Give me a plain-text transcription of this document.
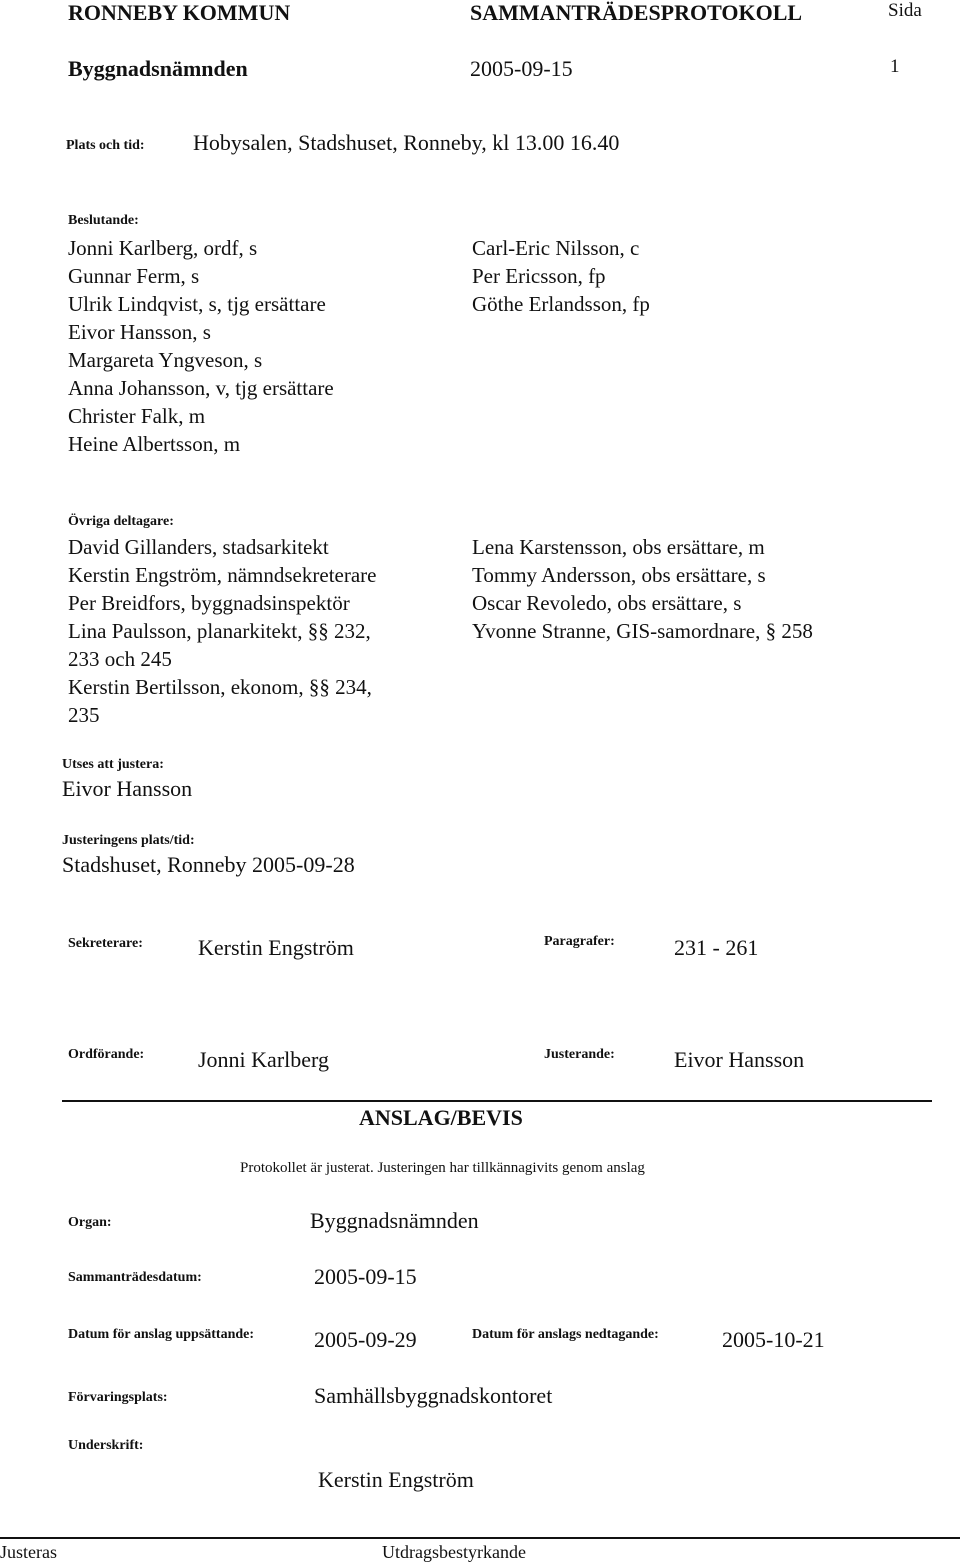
RONNEBY KOMMUN	SAMMANTRÄDESPROTOKOLL	Sida
Byggnadsnämnden	2005-09-15	1
Plats och tid: Hobysalen, Stadshuset, Ronneby, kl 13.00 16.40
Beslutande:
Jonni Karlberg, ordf, s
Gunnar Ferm, s
Ulrik Lindqvist, s, tjg ersättare
Eivor Hansson, s
Margareta Yngveson, s
Anna Johansson, v, tjg ersättare
Christer Falk, m
Heine Albertsson, m
Carl-Eric Nilsson, c
Per Ericsson, fp
Göthe Erlandsson, fp
Övriga deltagare:
David Gillanders, stadsarkitekt
Kerstin Engström, nämndsekreterare
Per Breidfors, byggnadsinspektör
Lina Paulsson, planarkitekt, §§ 232,
233 och 245
Kerstin Bertilsson, ekonom, §§ 234,
235
Lena Karstensson, obs ersättare, m
Tommy Andersson, obs ersättare, s
Oscar Revoledo, obs ersättare, s
Yvonne Stranne, GIS-samordnare, § 258
Utses att justera:
Eivor Hansson
Justeringens plats/tid:
Stadshuset, Ronneby 2005-09-28
Sekreterare:	Kerstin Engström	Paragrafer:	231 - 261
Ordförande: Jonni Karlberg	Justerande:	Eivor Hansson
ANSLAG/BEVIS
Protokollet är justerat. Justeringen har tillkännagivits genom anslag
Organ:	Byggnadsnämnden
Sammanträdesdatum:	2005-09-15
Datum för anslag uppsättande:	2005-09-29	Datum för anslags nedtagande:	2005-10-21
Förvaringsplats:	Samhällsbyggnadskontoret
Underskrift:
Kerstin Engström
Justeras	Utdragsbestyrkande
